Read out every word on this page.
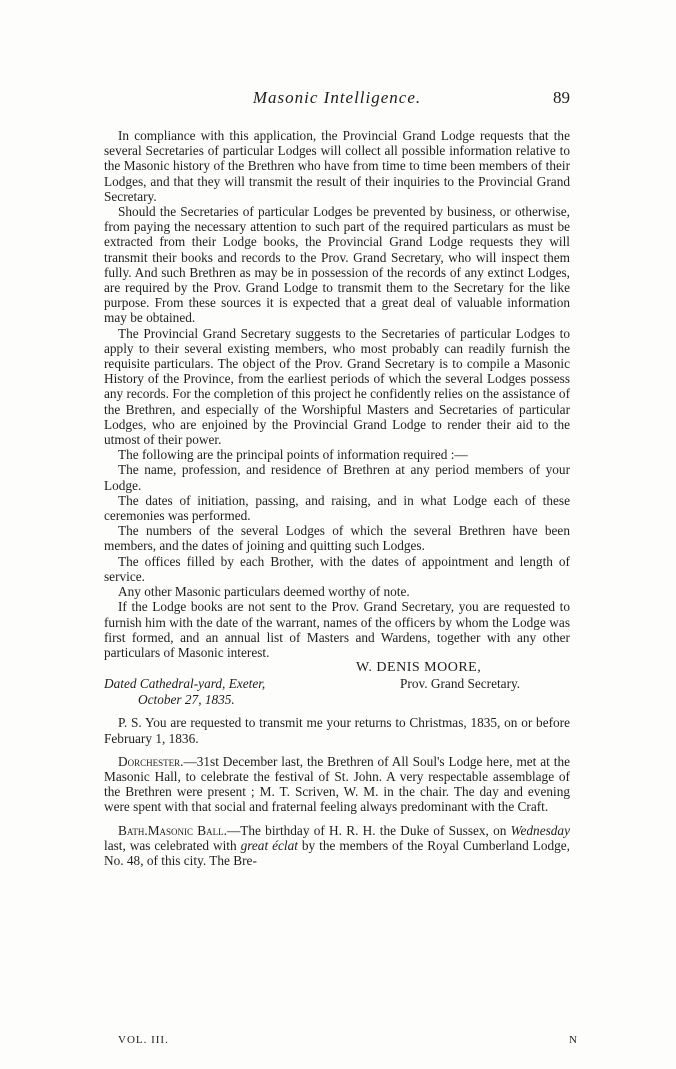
Masonic Intelligence.	89

In compliance with this application, the Provincial Grand Lodge requests that the several Secretaries of particular Lodges will collect all possible information relative to the Masonic history of the Brethren who have from time to time been members of their Lodges, and that they will transmit the result of their inquiries to the Provincial Grand Secretary.

Should the Secretaries of particular Lodges be prevented by business, or otherwise, from paying the necessary attention to such part of the required particulars as must be extracted from their Lodge books, the Provincial Grand Lodge requests they will transmit their books and records to the Prov. Grand Secretary, who will inspect them fully. And such Brethren as may be in possession of the records of any extinct Lodges, are required by the Prov. Grand Lodge to transmit them to the Secretary for the like purpose. From these sources it is expected that a great deal of valuable information may be obtained.

The Provincial Grand Secretary suggests to the Secretaries of particular Lodges to apply to their several existing members, who most probably can readily furnish the requisite particulars. The object of the Prov. Grand Secretary is to compile a Masonic History of the Province, from the earliest periods of which the several Lodges possess any records. For the completion of this project he confidently relies on the assistance of the Brethren, and especially of the Worshipful Masters and Secretaries of particular Lodges, who are enjoined by the Provincial Grand Lodge to render their aid to the utmost of their power.

The following are the principal points of information required :—

The name, profession, and residence of Brethren at any period members of your Lodge.

The dates of initiation, passing, and raising, and in what Lodge each of these ceremonies was performed.

The numbers of the several Lodges of which the several Brethren have been members, and the dates of joining and quitting such Lodges.

The offices filled by each Brother, with the dates of appointment and length of service.

Any other Masonic particulars deemed worthy of note.

If the Lodge books are not sent to the Prov. Grand Secretary, you are requested to furnish him with the date of the warrant, names of the officers by whom the Lodge was first formed, and an annual list of Masters and Wardens, together with any other particulars of Masonic interest.

W. DENIS MOORE,
Dated Cathedral-yard, Exeter,	Prov. Grand Secretary.
October 27, 1835.

P. S. You are requested to transmit me your returns to Christmas, 1835, on or before February 1, 1836.

Dorchester.—31st December last, the Brethren of All Soul's Lodge here, met at the Masonic Hall, to celebrate the festival of St. John. A very respectable assemblage of the Brethren were present ; M. T. Scriven, W. M. in the chair. The day and evening were spent with that social and fraternal feeling always predominant with the Craft.

Bath.Masonic Ball.—The birthday of H. R. H. the Duke of Sussex, on Wednesday last, was celebrated with great éclat by the members of the Royal Cumberland Lodge, No. 48, of this city. The Bre-

VOL. III.	N
